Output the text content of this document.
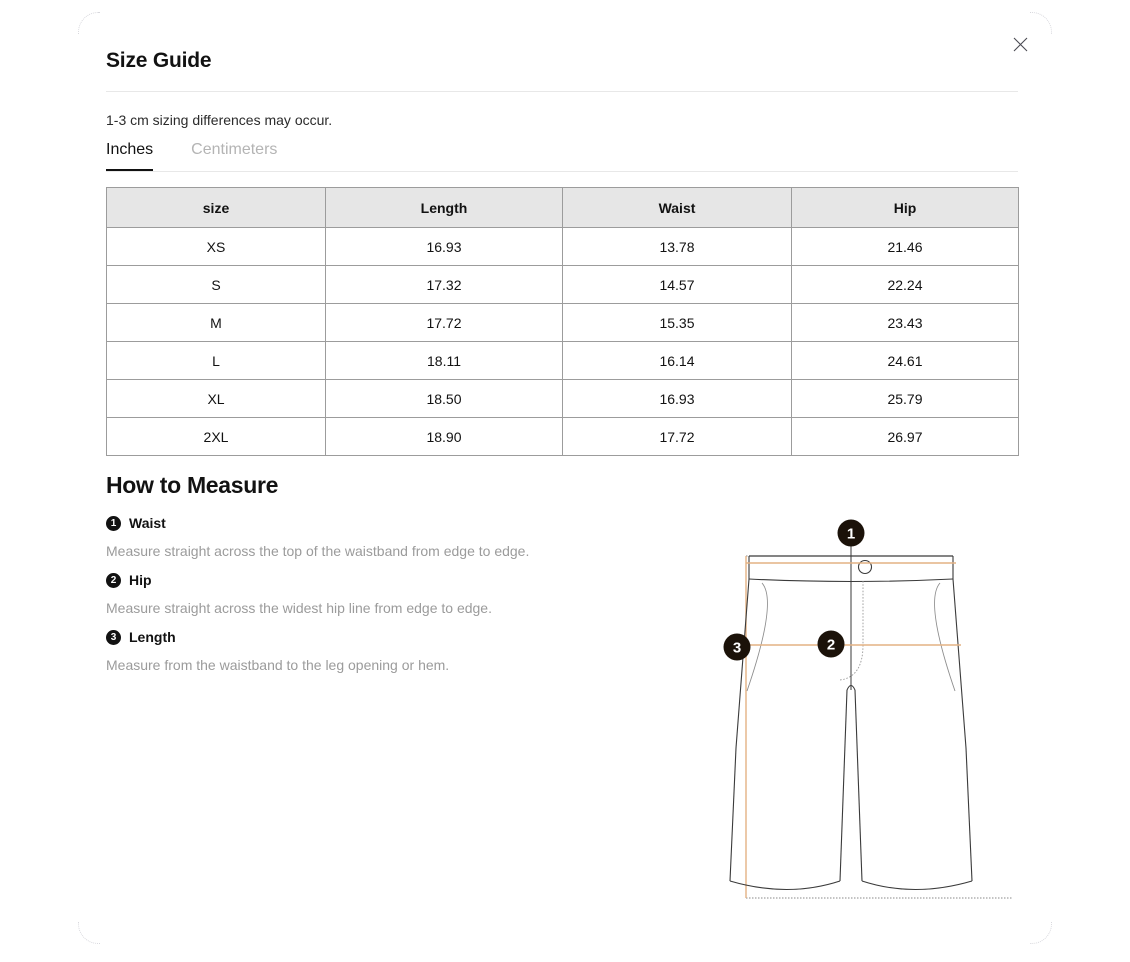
Size Guide

1-3 cm sizing differences may occur.

Inches Centimeters
size	Length	Waist	Hip
XS	16.93	13.78	21.46
S	17.32	14.57	22.24
M	17.72	15.35	23.43
L	18.11	16.14	24.61
XL	18.50	16.93	25.79
2XL	18.90	17.72	26.97
How to Measure
1 Waist

Measure straight across the top of the waistband from edge to edge.

2 Hip

Measure straight across the widest hip line from edge to edge.

3 Length

Measure from the waistband to the leg opening or hem.

1
2
3
